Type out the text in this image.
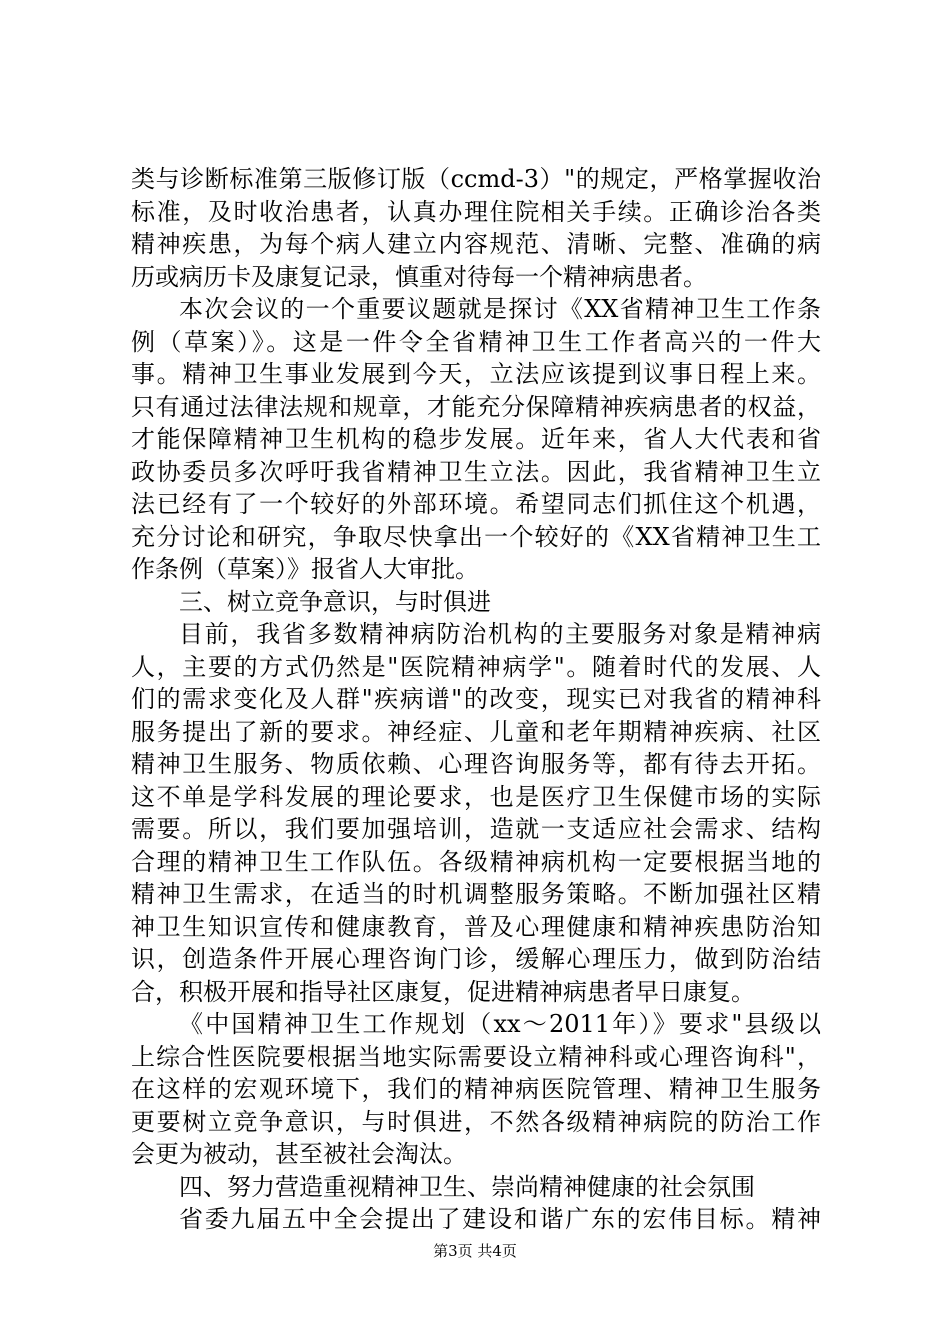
类与诊断标准第三版修订版（ccmd-3）"的规定，严格掌握收治
标准，及时收治患者，认真办理住院相关手续。正确诊治各类
精神疾患，为每个病人建立内容规范、清晰、完整、准确的病
历或病历卡及康复记录，慎重对待每一个精神病患者。
本次会议的一个重要议题就是探讨《XX省精神卫生工作条
例（草案）》。这是一件令全省精神卫生工作者高兴的一件大
事。精神卫生事业发展到今天，立法应该提到议事日程上来。
只有通过法律法规和规章，才能充分保障精神疾病患者的权益，
才能保障精神卫生机构的稳步发展。近年来，省人大代表和省
政协委员多次呼吁我省精神卫生立法。因此，我省精神卫生立
法已经有了一个较好的外部环境。希望同志们抓住这个机遇，
充分讨论和研究，争取尽快拿出一个较好的《XX省精神卫生工
作条例（草案）》报省人大审批。
三、树立竞争意识，与时俱进
目前，我省多数精神病防治机构的主要服务对象是精神病
人，主要的方式仍然是"医院精神病学"。随着时代的发展、人
们的需求变化及人群"疾病谱"的改变，现实已对我省的精神科
服务提出了新的要求。神经症、儿童和老年期精神疾病、社区
精神卫生服务、物质依赖、心理咨询服务等，都有待去开拓。
这不单是学科发展的理论要求，也是医疗卫生保健市场的实际
需要。所以，我们要加强培训，造就一支适应社会需求、结构
合理的精神卫生工作队伍。各级精神病机构一定要根据当地的
精神卫生需求，在适当的时机调整服务策略。不断加强社区精
神卫生知识宣传和健康教育，普及心理健康和精神疾患防治知
识，创造条件开展心理咨询门诊，缓解心理压力，做到防治结
合，积极开展和指导社区康复，促进精神病患者早日康复。
《中国精神卫生工作规划（xx～2011年）》要求"县级以
上综合性医院要根据当地实际需要设立精神科或心理咨询科"，
在这样的宏观环境下，我们的精神病医院管理、精神卫生服务
更要树立竞争意识，与时俱进，不然各级精神病院的防治工作
会更为被动，甚至被社会淘汰。
四、努力营造重视精神卫生、崇尚精神健康的社会氛围
省委九届五中全会提出了建设和谐广东的宏伟目标。精神
第3页 共4页
